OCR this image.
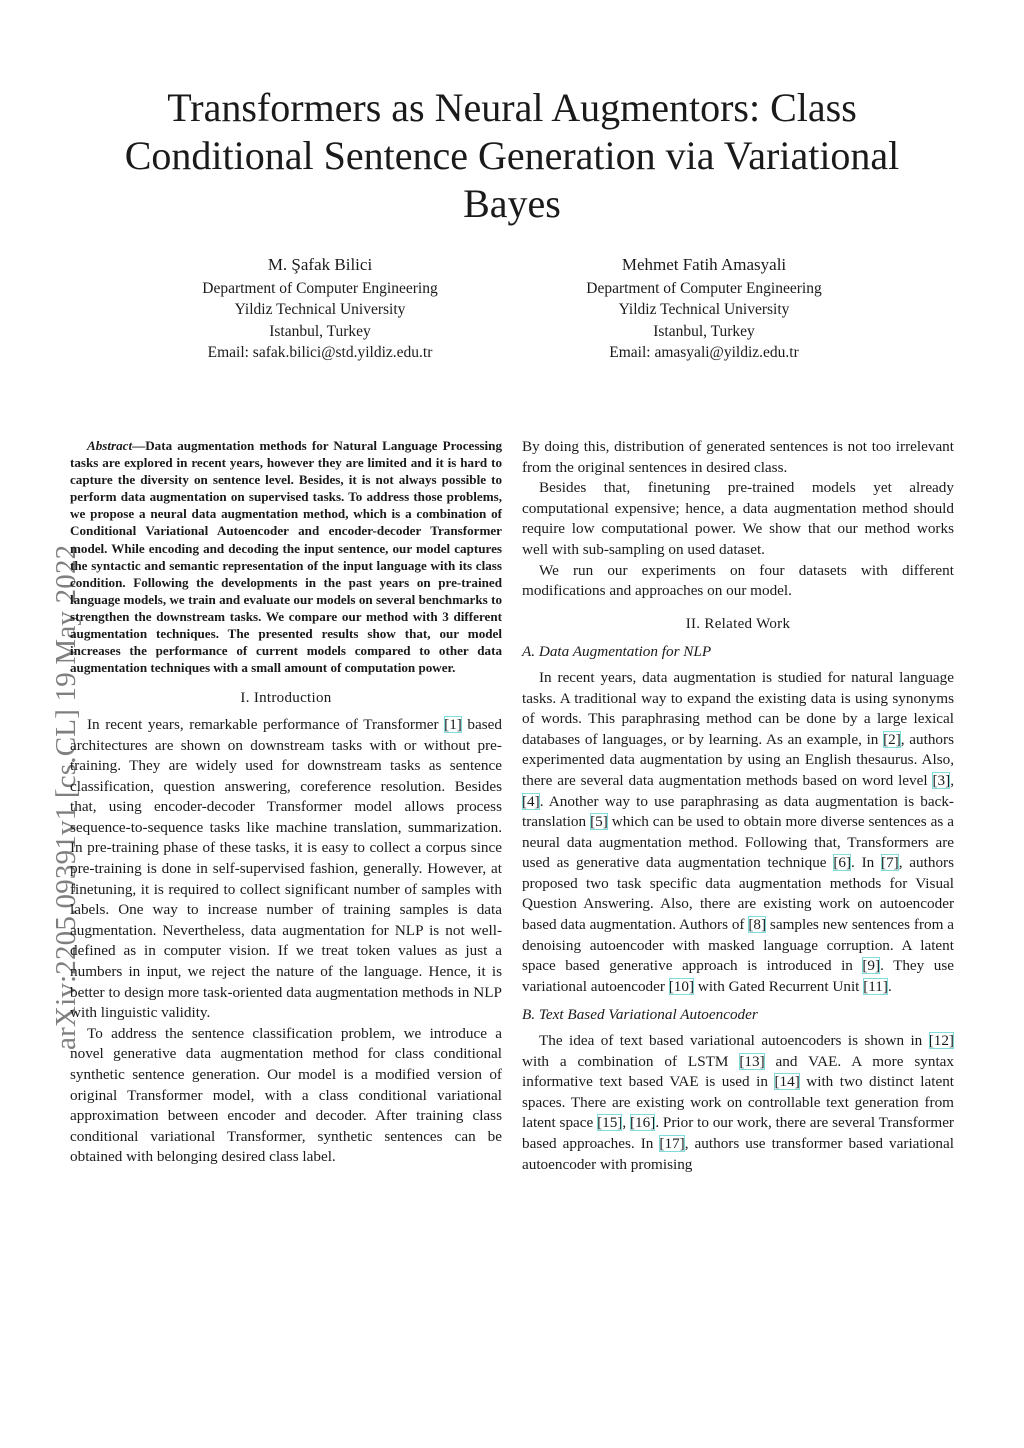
Transformers as Neural Augmentors: Class Conditional Sentence Generation via Variational Bayes
M. Şafak Bilici
Department of Computer Engineering
Yildiz Technical University
Istanbul, Turkey
Email: safak.bilici@std.yildiz.edu.tr
Mehmet Fatih Amasyali
Department of Computer Engineering
Yildiz Technical University
Istanbul, Turkey
Email: amasyali@yildiz.edu.tr
arXiv:2205.09391v1 [cs.CL] 19 May 2022

Abstract—Data augmentation methods for Natural Language Processing tasks are explored in recent years, however they are limited and it is hard to capture the diversity on sentence level. Besides, it is not always possible to perform data augmentation on supervised tasks. To address those problems, we propose a neural data augmentation method, which is a combination of Conditional Variational Autoencoder and encoder-decoder Transformer model. While encoding and decoding the input sentence, our model captures the syntactic and semantic representation of the input language with its class condition. Following the developments in the past years on pre-trained language models, we train and evaluate our models on several benchmarks to strengthen the downstream tasks. We compare our method with 3 different augmentation techniques. The presented results show that, our model increases the performance of current models compared to other data augmentation techniques with a small amount of computation power.

I. Introduction

In recent years, remarkable performance of Transformer [1] based architectures are shown on downstream tasks with or without pre-training. They are widely used for downstream tasks as sentence classification, question answering, coreference resolution. Besides that, using encoder-decoder Transformer model allows process sequence-to-sequence tasks like machine translation, summarization. In pre-training phase of these tasks, it is easy to collect a corpus since pre-training is done in self-supervised fashion, generally. However, at finetuning, it is required to collect significant number of samples with labels. One way to increase number of training samples is data augmentation. Nevertheless, data augmentation for NLP is not well-defined as in computer vision. If we treat token values as just a numbers in input, we reject the nature of the language. Hence, it is better to design more task-oriented data augmentation methods in NLP with linguistic validity.

To address the sentence classification problem, we introduce a novel generative data augmentation method for class conditional synthetic sentence generation. Our model is a modified version of original Transformer model, with a class conditional variational approximation between encoder and decoder. After training class conditional variational Transformer, synthetic sentences can be obtained with belonging desired class label.

By doing this, distribution of generated sentences is not too irrelevant from the original sentences in desired class.

Besides that, finetuning pre-trained models yet already computational expensive; hence, a data augmentation method should require low computational power. We show that our method works well with sub-sampling on used dataset.

We run our experiments on four datasets with different modifications and approaches on our model.

II. Related Work
A. Data Augmentation for NLP

In recent years, data augmentation is studied for natural language tasks. A traditional way to expand the existing data is using synonyms of words. This paraphrasing method can be done by a large lexical databases of languages, or by learning. As an example, in [2], authors experimented data augmentation by using an English thesaurus. Also, there are several data augmentation methods based on word level [3], [4]. Another way to use paraphrasing as data augmentation is back-translation [5] which can be used to obtain more diverse sentences as a neural data augmentation method. Following that, Transformers are used as generative data augmentation technique [6]. In [7], authors proposed two task specific data augmentation methods for Visual Question Answering. Also, there are existing work on autoencoder based data augmentation. Authors of [8] samples new sentences from a denoising autoencoder with masked language corruption. A latent space based generative approach is introduced in [9]. They use variational autoencoder [10] with Gated Recurrent Unit [11].

B. Text Based Variational Autoencoder

The idea of text based variational autoencoders is shown in [12] with a combination of LSTM [13] and VAE. A more syntax informative text based VAE is used in [14] with two distinct latent spaces. There are existing work on controllable text generation from latent space [15], [16]. Prior to our work, there are several Transformer based approaches. In [17], authors use transformer based variational autoencoder with promising
